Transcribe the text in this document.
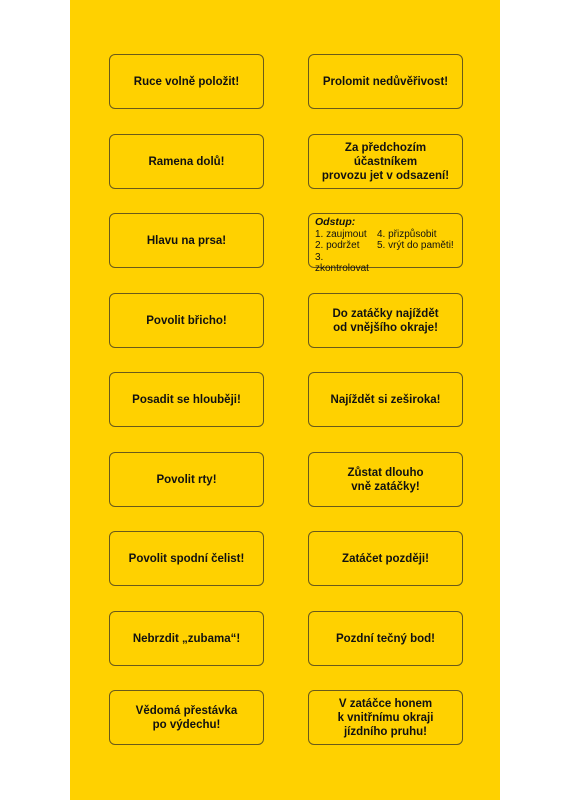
Ruce volně položit!
Ramena dolů!
Hlavu na prsa!
Povolit břicho!
Posadit se hlouběji!
Povolit rty!
Povolit spodní čelist!
Nebrzdit „zubama“!
Vědomá přestávka
po výdechu!
Prolomit nedůvěřivost!
Za předchozím účastníkem
provozu jet v odsazení!
Odstup:
1. zaujmout	4. přizpůsobit
2. podržet	5. vrýt do paměti!
3. zkontrolovat
Do zatáčky najíždět
od vnějšího okraje!
Najíždět si zeširoka!
Zůstat dlouho
vně zatáčky!
Zatáčet později!
Pozdní tečný bod!
V zatáčce honem
k vnitřnímu okraji
jízdního pruhu!
